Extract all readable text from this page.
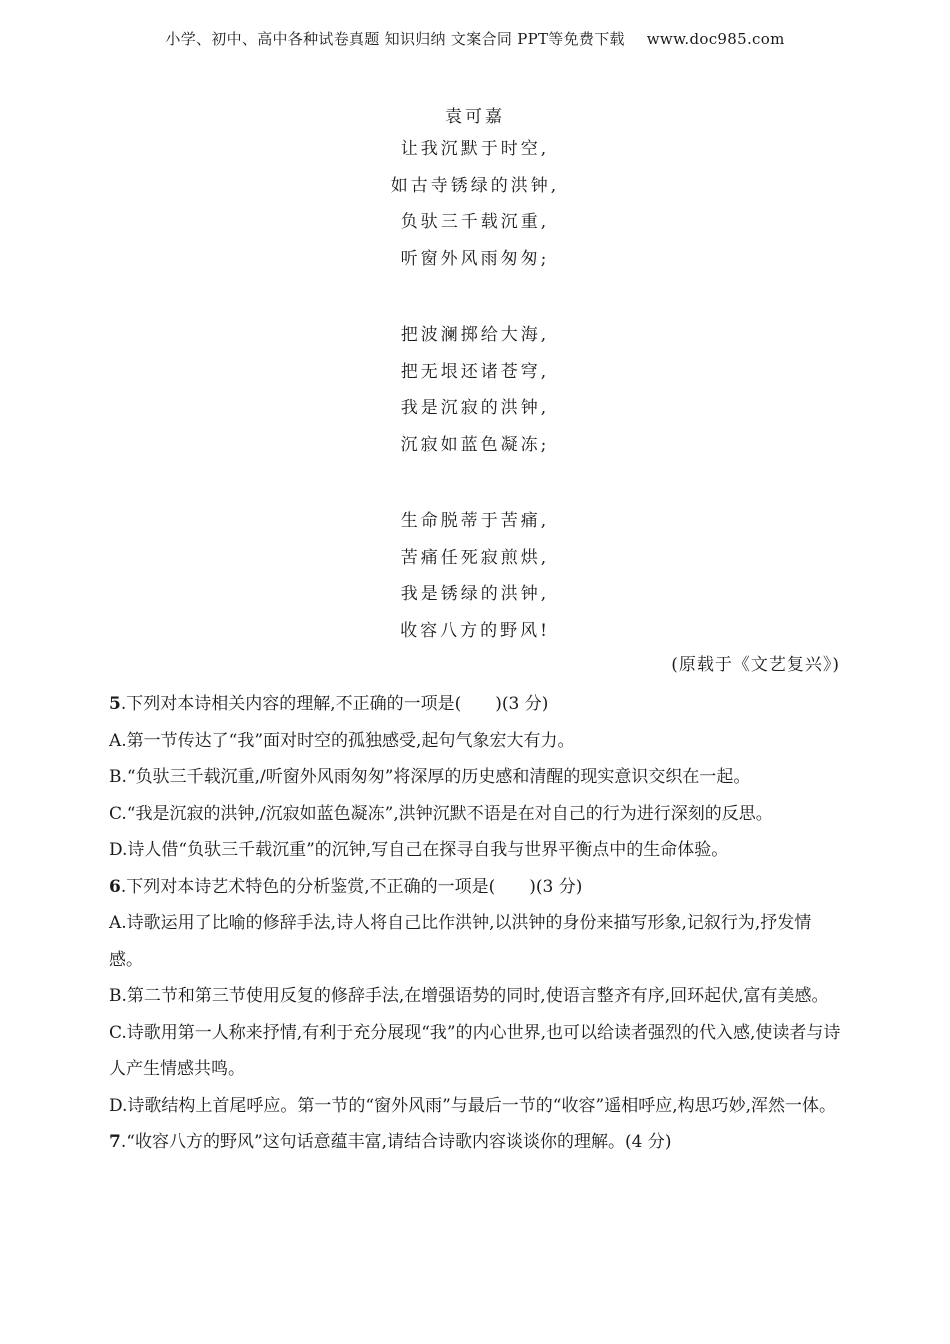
小学、初中、高中各种试卷真题 知识归纳 文案合同 PPT等免费下载 www.doc985.com
袁可嘉
让我沉默于时空,
如古寺锈绿的洪钟,
负驮三千载沉重,
听窗外风雨匆匆;
把波澜掷给大海,
把无垠还诸苍穹,
我是沉寂的洪钟,
沉寂如蓝色凝冻;
生命脱蒂于苦痛,
苦痛任死寂煎烘,
我是锈绿的洪钟,
收容八方的野风!
(原载于《文艺复兴》)

5.下列对本诗相关内容的理解,不正确的一项是(　　)(3 分)

A.第一节传达了“我”面对时空的孤独感受,起句气象宏大有力。

B.“负驮三千载沉重,/听窗外风雨匆匆”将深厚的历史感和清醒的现实意识交织在一起。

C.“我是沉寂的洪钟,/沉寂如蓝色凝冻”,洪钟沉默不语是在对自己的行为进行深刻的反思。

D.诗人借“负驮三千载沉重”的沉钟,写自己在探寻自我与世界平衡点中的生命体验。

6.下列对本诗艺术特色的分析鉴赏,不正确的一项是(　　)(3 分)

A.诗歌运用了比喻的修辞手法,诗人将自己比作洪钟,以洪钟的身份来描写形象,记叙行为,抒发情感。

B.第二节和第三节使用反复的修辞手法,在增强语势的同时,使语言整齐有序,回环起伏,富有美感。

C.诗歌用第一人称来抒情,有利于充分展现“我”的内心世界,也可以给读者强烈的代入感,使读者与诗人产生情感共鸣。

D.诗歌结构上首尾呼应。第一节的“窗外风雨”与最后一节的“收容”遥相呼应,构思巧妙,浑然一体。

7.“收容八方的野风”这句话意蕴丰富,请结合诗歌内容谈谈你的理解。(4 分)
